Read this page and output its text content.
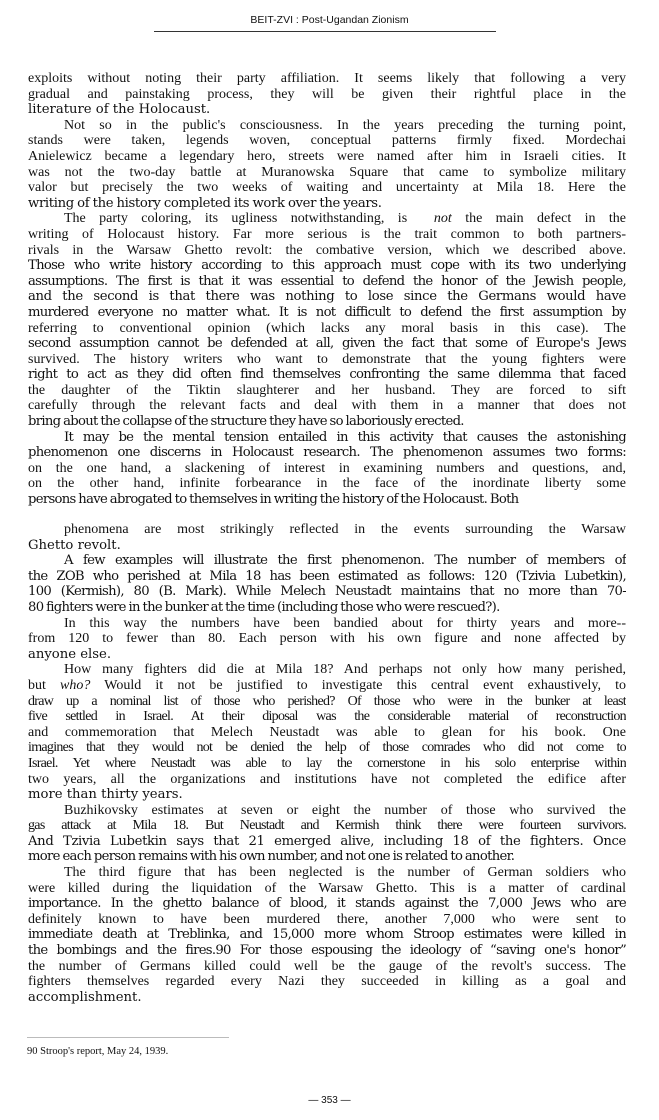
BEIT-ZVI : Post-Ugandan Zionism
exploits without noting their party affiliation. It seems likely that following a very
gradual and painstaking process, they will be given their rightful place in the
literature of the Holocaust.
Not so in the public's consciousness. In the years preceding the turning point,
stands were taken, legends woven, conceptual patterns firmly fixed. Mordechai
Anielewicz became a legendary hero, streets were named after him in Israeli cities. It
was not the two-day battle at Muranowska Square that came to symbolize military
valor but precisely the two weeks of waiting and uncertainty at Mila 18. Here the
writing of the history completed its work over the years.
The party coloring, its ugliness notwithstanding, is not the main defect in the
writing of Holocaust history. Far more serious is the trait common to both partners-
rivals in the Warsaw Ghetto revolt: the combative version, which we described above.
Those who write history according to this approach must cope with its two underlying
assumptions. The first is that it was essential to defend the honor of the Jewish people,
and the second is that there was nothing to lose since the Germans would have
murdered everyone no matter what. It is not difficult to defend the first assumption by
referring to conventional opinion (which lacks any moral basis in this case). The
second assumption cannot be defended at all, given the fact that some of Europe's Jews
survived. The history writers who want to demonstrate that the young fighters were
right to act as they did often find themselves confronting the same dilemma that faced
the daughter of the Tiktin slaughterer and her husband. They are forced to sift
carefully through the relevant facts and deal with them in a manner that does not
bring about the collapse of the structure they have so laboriously erected.
It may be the mental tension entailed in this activity that causes the astonishing
phenomenon one discerns in Holocaust research. The phenomenon assumes two forms:
on the one hand, a slackening of interest in examining numbers and questions, and,
on the other hand, infinite forbearance in the face of the inordinate liberty some
persons have abrogated to themselves in writing the history of the Holocaust. Both
phenomena are most strikingly reflected in the events surrounding the Warsaw
Ghetto revolt.
A few examples will illustrate the first phenomenon. The number of members of
the ZOB who perished at Mila 18 has been estimated as follows: 120 (Tzivia Lubetkin),
100 (Kermish), 80 (B. Mark). While Melech Neustadt maintains that no more than 70-
80 fighters were in the bunker at the time (including those who were rescued?).
In this way the numbers have been bandied about for thirty years and more--
from 120 to fewer than 80. Each person with his own figure and none affected by
anyone else.
How many fighters did die at Mila 18? And perhaps not only how many perished,
but who? Would it not be justified to investigate this central event exhaustively, to
draw up a nominal list of those who perished? Of those who were in the bunker at least
five settled in Israel. At their diposal was the considerable material of reconstruction
and commemoration that Melech Neustadt was able to glean for his book. One
imagines that they would not be denied the help of those comrades who did not come to
Israel. Yet where Neustadt was able to lay the cornerstone in his solo enterprise within
two years, all the organizations and institutions have not completed the edifice after
more than thirty years.
Buzhikovsky estimates at seven or eight the number of those who survived the
gas attack at Mila 18. But Neustadt and Kermish think there were fourteen survivors.
And Tzivia Lubetkin says that 21 emerged alive, including 18 of the fighters. Once
more each person remains with his own number, and not one is related to another.
The third figure that has been neglected is the number of German soldiers who
were killed during the liquidation of the Warsaw Ghetto. This is a matter of cardinal
importance. In the ghetto balance of blood, it stands against the 7,000 Jews who are
definitely known to have been murdered there, another 7,000 who were sent to
immediate death at Treblinka, and 15,000 more whom Stroop estimates were killed in
the bombings and the fires.90 For those espousing the ideology of “saving one's honor”
the number of Germans killed could well be the gauge of the revolt's success. The
fighters themselves regarded every Nazi they succeeded in killing as a goal and
accomplishment.
90 Stroop's report, May 24, 1939.
— 353 —
